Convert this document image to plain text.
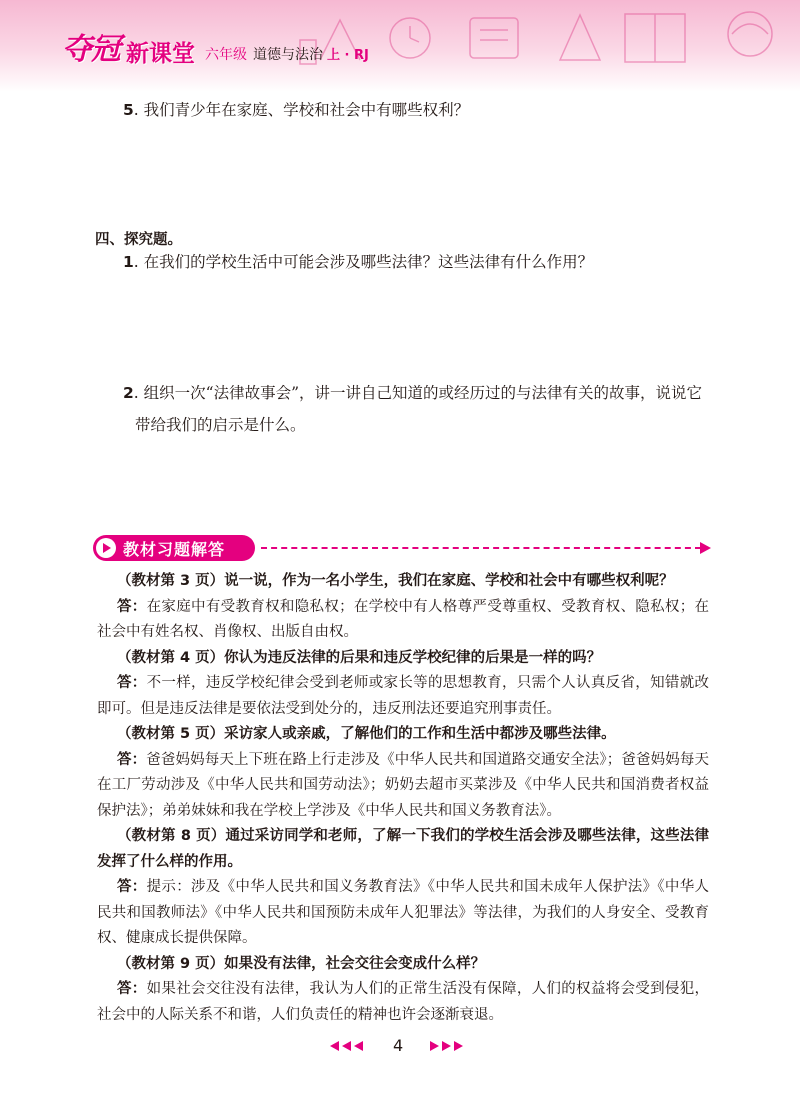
夺冠 新课堂 六年级 道德与法治 上 · RJ
5. 我们青少年在家庭、学校和社会中有哪些权利？
四、探究题。
1. 在我们的学校生活中可能会涉及哪些法律？这些法律有什么作用？
2. 组织一次“法律故事会”，讲一讲自己知道的或经历过的与法律有关的故事，说说它
带给我们的启示是什么。
教材习题解答
（教材第 3 页）说一说，作为一名小学生，我们在家庭、学校和社会中有哪些权利呢？
答：在家庭中有受教育权和隐私权；在学校中有人格尊严受尊重权、受教育权、隐私权；在社会中有姓名权、肖像权、出版自由权。
（教材第 4 页）你认为违反法律的后果和违反学校纪律的后果是一样的吗？
答：不一样，违反学校纪律会受到老师或家长等的思想教育，只需个人认真反省，知错就改即可。但是违反法律是要依法受到处分的，违反刑法还要追究刑事责任。
（教材第 5 页）采访家人或亲戚，了解他们的工作和生活中都涉及哪些法律。
答：爸爸妈妈每天上下班在路上行走涉及《中华人民共和国道路交通安全法》；爸爸妈妈每天在工厂劳动涉及《中华人民共和国劳动法》；奶奶去超市买菜涉及《中华人民共和国消费者权益保护法》；弟弟妹妹和我在学校上学涉及《中华人民共和国义务教育法》。
（教材第 8 页）通过采访同学和老师，了解一下我们的学校生活会涉及哪些法律，这些法律发挥了什么样的作用。
答：提示：涉及《中华人民共和国义务教育法》《中华人民共和国未成年人保护法》《中华人民共和国教师法》《中华人民共和国预防未成年人犯罪法》等法律，为我们的人身安全、受教育权、健康成长提供保障。
（教材第 9 页）如果没有法律，社会交往会变成什么样？
答：如果社会交往没有法律，我认为人们的正常生活没有保障，人们的权益将会受到侵犯，社会中的人际关系不和谐，人们负责任的精神也许会逐渐衰退。
4
